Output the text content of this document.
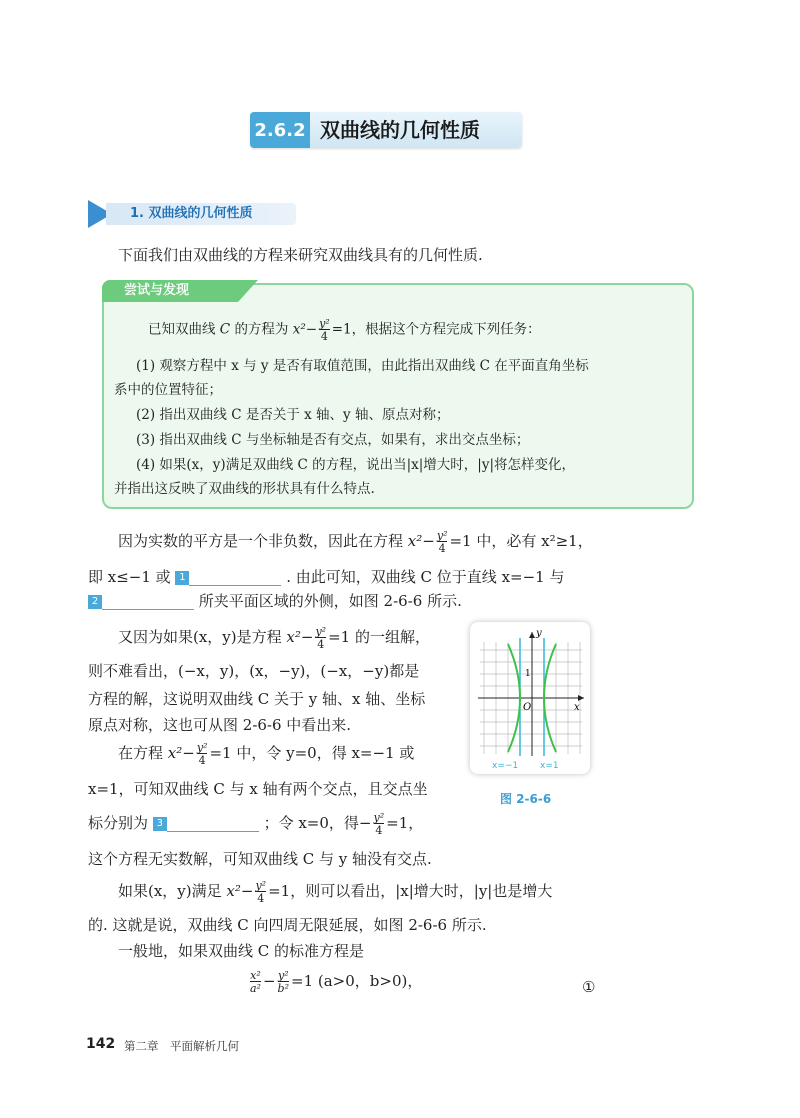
2.6.2 双曲线的几何性质
1. 双曲线的几何性质
下面我们由双曲线的方程来研究双曲线具有的几何性质.
尝试与发现
已知双曲线 C 的方程为 $x^2- \frac{\text{y²}}{4} =1$，根据这个方程完成下列任务：
(1) 观察方程中 x 与 y 是否有取值范围，由此指出双曲线 C 在平面直角坐标
系中的位置特征；
(2) 指出双曲线 C 是否关于 x 轴、y 轴、原点对称；
(3) 指出双曲线 C 与坐标轴是否有交点，如果有，求出交点坐标；
(4) 如果(x，y)满足双曲线 C 的方程，说出当|x|增大时，|y|将怎样变化，
并指出这反映了双曲线的形状具有什么特点.
因为实数的平方是一个非负数，因此在方程 $x^2- \frac{\text{y²}}{4} =1$ 中，必有 x²≥1，
即 x≤−1 或 1	. 由此可知，双曲线 C 位于直线 x=−1 与
2	所夹平面区域的外侧，如图 2-6-6 所示.
又因为如果(x，y)是方程 $x^2- \frac{\text{y²}}{4} =1$ 的一组解，
则不难看出，(−x，y)，(x，−y)，(−x，−y)都是
方程的解，这说明双曲线 C 关于 y 轴、x 轴、坐标
原点对称，这也可从图 2-6-6 中看出来.
在方程 $x^2- \frac{\text{y²}}{4} =1$ 中，令 y=0，得 x=−1 或
x=1，可知双曲线 C 与 x 轴有两个交点，且交点坐
标分别为 3	；令 x=0，得− $\frac{\text{y²}}{4} =1$，
这个方程无实数解，可知双曲线 C 与 y 轴没有交点.
如果(x，y)满足 $x^2- \frac{\text{y²}}{4} =1$，则可以看出，|x|增大时，|y|也是增大
的. 这就是说，双曲线 C 向四周无限延展，如图 2-6-6 所示.
一般地，如果双曲线 C 的标准方程是
$\frac{\text{x²}}{\text{a²}} - \frac{\text{y²}}{\text{b²}} =1$ (a>0，b>0)，	①
y
x
O
1
x=−1 x=1
图 2-6-6
142 第二章　平面解析几何
